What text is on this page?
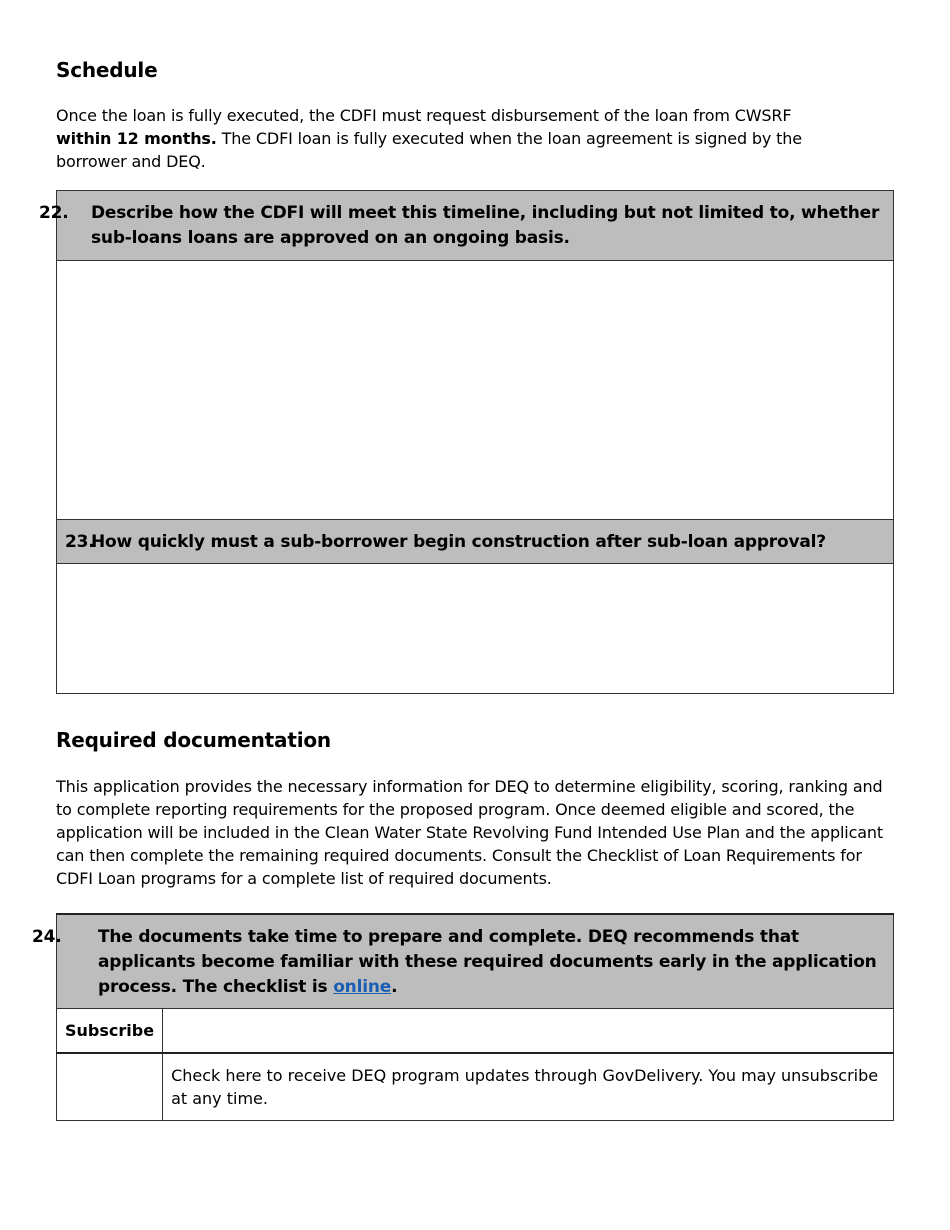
Schedule

Once the loan is fully executed, the CDFI must request disbursement of the loan from CWSRF within 12 months. The CDFI loan is fully executed when the loan agreement is signed by the borrower and DEQ.

22. Describe how the CDFI will meet this timeline, including but not limited to, whether sub-loans loans are approved on an ongoing basis.

23.How quickly must a sub-borrower begin construction after sub-loan approval?

Required documentation

This application provides the necessary information for DEQ to determine eligibility, scoring, ranking and to complete reporting requirements for the proposed program. Once deemed eligible and scored, the application will be included in the Clean Water State Revolving Fund Intended Use Plan and the applicant can then complete the remaining required documents. Consult the Checklist of Loan Requirements for CDFI Loan programs for a complete list of required documents.

24. The documents take time to prepare and complete. DEQ recommends that applicants become familiar with these required documents early in the application process. The checklist is online.	

Subscribe	
	Check here to receive DEQ program updates through GovDelivery. You may unsubscribe at any time.
